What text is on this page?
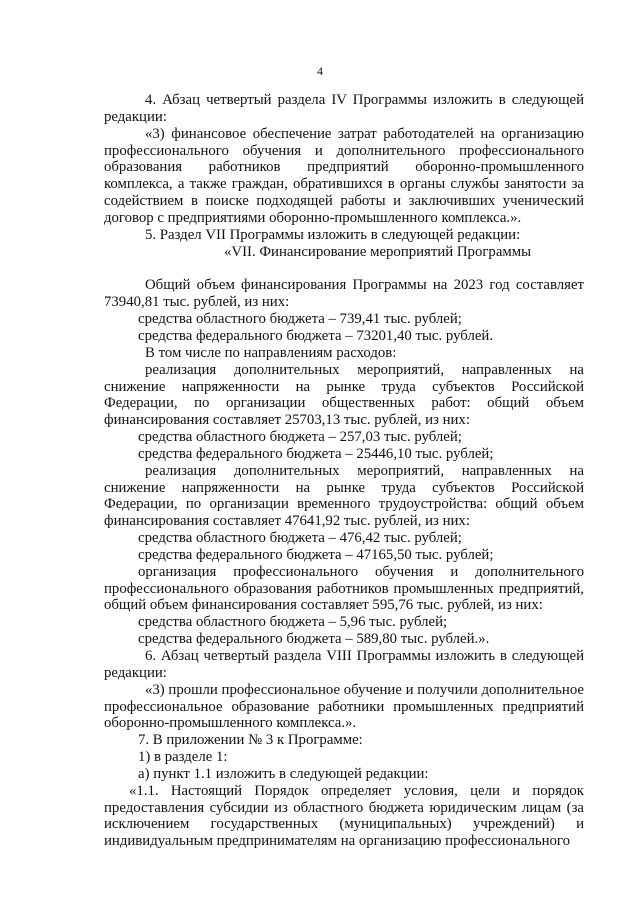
4

4. Абзац четвертый раздела IV Программы изложить в следующей

редакции:

«3) финансовое обеспечение затрат работодателей на организацию профессионального обучения и дополнительного профессионального образования работников предприятий оборонно-промышленного комплекса, а также граждан, обратившихся в органы службы занятости за содействием в поиске подходящей работы и заключивших ученический договор с предприятиями оборонно-промышленного комплекса.».

5. Раздел VII Программы изложить в следующей редакции:

«VII. Финансирование мероприятий Программы

Общий объем финансирования Программы на 2023 год составляет 73940,81 тыс. рублей, из них:

средства областного бюджета – 739,41 тыс. рублей;

средства федерального бюджета – 73201,40 тыс. рублей.

В том числе по направлениям расходов:

реализация дополнительных мероприятий, направленных на снижение напряженности на рынке труда субъектов Российской Федерации, по организации общественных работ: общий объем финансирования составляет 25703,13 тыс. рублей, из них:

средства областного бюджета – 257,03 тыс. рублей;

средства федерального бюджета – 25446,10 тыс. рублей;

реализация дополнительных мероприятий, направленных на снижение напряженности на рынке труда субъектов Российской Федерации, по организации временного трудоустройства: общий объем финансирования составляет 47641,92 тыс. рублей, из них:

средства областного бюджета – 476,42 тыс. рублей;

средства федерального бюджета – 47165,50 тыс. рублей;

организация профессионального обучения и дополнительного профессионального образования работников промышленных предприятий, общий объем финансирования составляет 595,76 тыс. рублей, из них:

средства областного бюджета – 5,96 тыс. рублей;

средства федерального бюджета – 589,80 тыс. рублей.».

6. Абзац четвертый раздела VIII Программы изложить в следующей

редакции:

«3) прошли профессиональное обучение и получили дополнительное профессиональное образование работники промышленных предприятий оборонно-промышленного комплекса.».

7. В приложении № 3 к Программе:

1) в разделе 1:

а) пункт 1.1 изложить в следующей редакции:

«1.1. Настоящий Порядок определяет условия, цели и порядок предоставления субсидии из областного бюджета юридическим лицам (за исключением государственных (муниципальных) учреждений) и индивидуальным предпринимателям на организацию профессионального
